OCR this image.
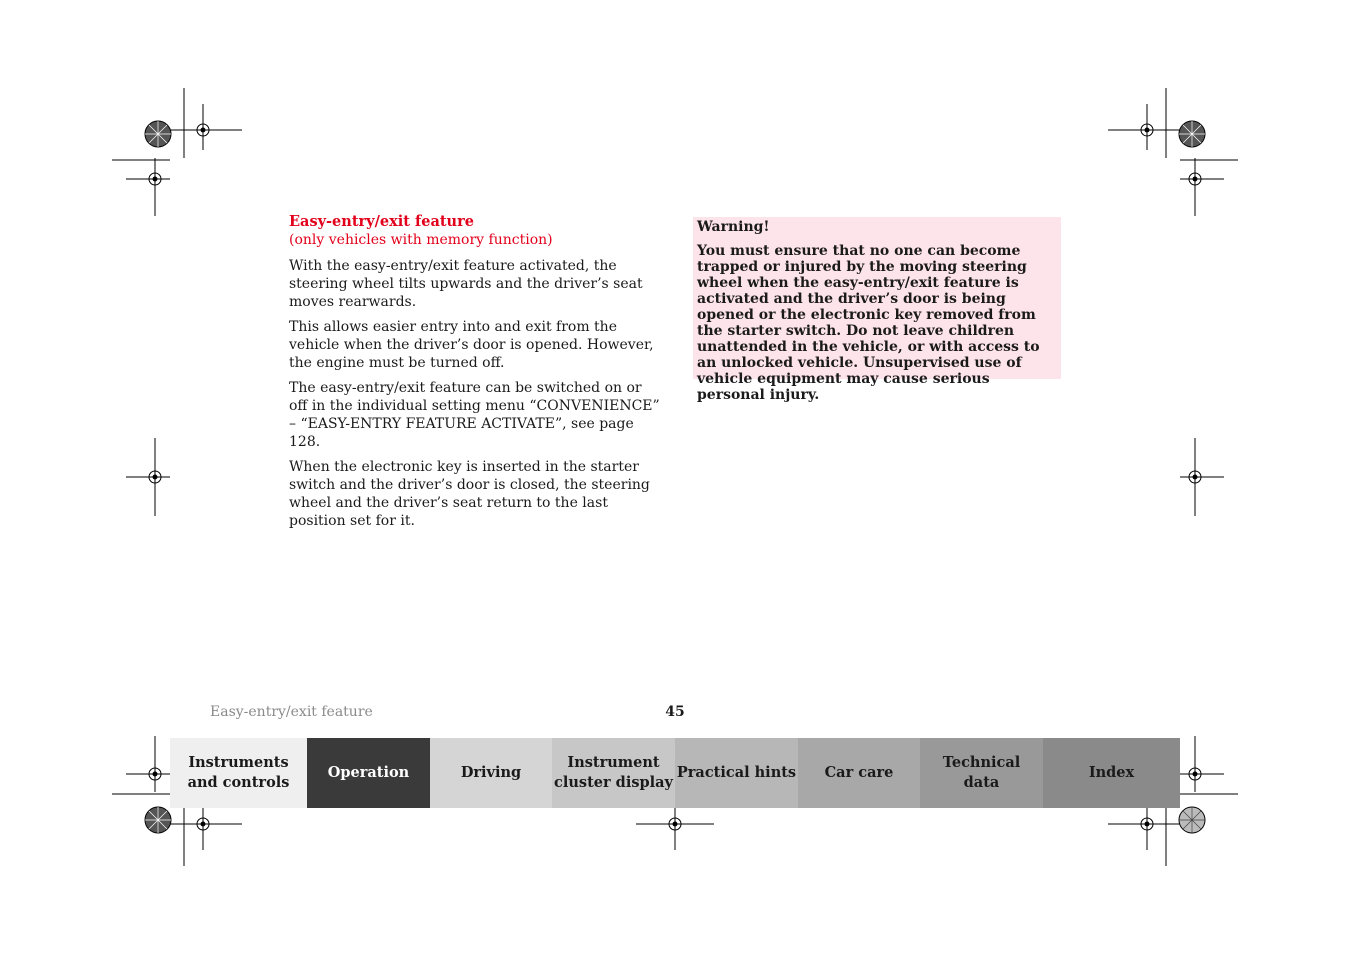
Easy-entry/exit feature
(only vehicles with memory function)

With the easy-entry/exit feature activated, the steering wheel tilts upwards and the driver’s seat moves rearwards.

This allows easier entry into and exit from the vehicle when the driver’s door is opened. However, the engine must be turned off.

The easy-entry/exit feature can be switched on or off in the individual setting menu “CONVENIENCE” – “EASY-ENTRY FEATURE ACTIVATE”, see page 128.

When the electronic key is inserted in the starter switch and the driver’s door is closed, the steering wheel and the driver’s seat return to the last position set for it.

Warning!

You must ensure that no one can become trapped or injured by the moving steering wheel when the easy-entry/exit feature is activated and the driver’s door is being opened or the electronic key removed from the starter switch. Do not leave children unattended in the vehicle, or with access to an unlocked vehicle. Unsupervised use of vehicle equipment may cause serious personal injury.

Easy-entry/exit feature	45
Instruments
and controls
Operation	Driving
Instrument
cluster display
Practical hints Car care
Technical
data
Index
